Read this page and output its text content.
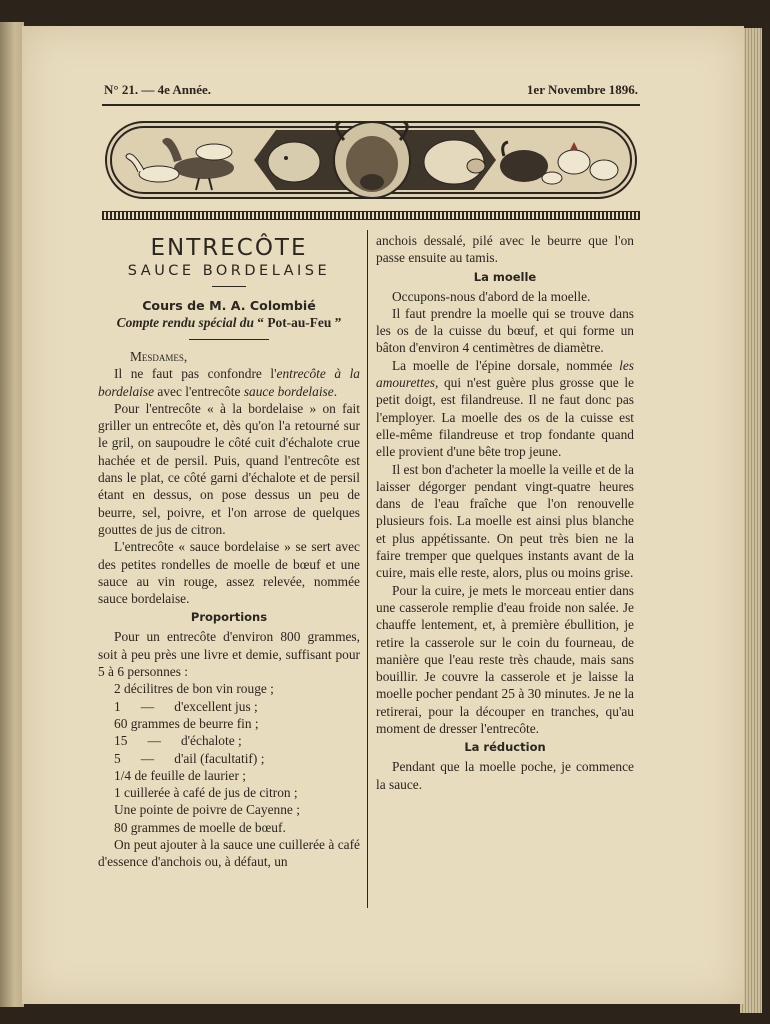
N° 21. — 4e Année.	1er Novembre 1896.
ENTRECÔTE
SAUCE BORDELAISE
Cours de M. A. Colombié
Compte rendu spécial du “ Pot-au-Feu ”

Mesdames,

Il ne faut pas confondre l'entrecôte à la bordelaise avec l'entrecôte sauce bordelaise.

Pour l'entrecôte « à la bordelaise » on fait griller un entrecôte et, dès qu'on l'a retourné sur le gril, on saupoudre le côté cuit d'échalote crue hachée et de persil. Puis, quand l'entrecôte est dans le plat, ce côté garni d'échalote et de persil étant en dessus, on pose dessus un peu de beurre, sel, poivre, et l'on arrose de quelques gouttes de jus de citron.

L'entrecôte « sauce bordelaise » se sert avec des petites rondelles de moelle de bœuf et une sauce au vin rouge, assez relevée, nommée sauce bordelaise.

Proportions

Pour un entrecôte d'environ 800 grammes, soit à peu près une livre et demie, suffisant pour 5 à 6 personnes :

2 décilitres de bon vin rouge ;
1      —      d'excellent jus ;
60 grammes de beurre fin ;
15      —      d'échalote ;
5      —      d'ail (facultatif) ;
1/4 de feuille de laurier ;
1 cuillerée à café de jus de citron ;
Une pointe de poivre de Cayenne ;
80 grammes de moelle de bœuf.

On peut ajouter à la sauce une cuillerée à café d'essence d'anchois ou, à défaut, un

anchois dessalé, pilé avec le beurre que l'on passe ensuite au tamis.

La moelle

Occupons-nous d'abord de la moelle.

Il faut prendre la moelle qui se trouve dans les os de la cuisse du bœuf, et qui forme un bâton d'environ 4 centimètres de diamètre.

La moelle de l'épine dorsale, nommée les amourettes, qui n'est guère plus grosse que le petit doigt, est filandreuse. Il ne faut donc pas l'employer. La moelle des os de la cuisse est elle-même filandreuse et trop fondante quand elle provient d'une bête trop jeune.

Il est bon d'acheter la moelle la veille et de la laisser dégorger pendant vingt-quatre heures dans de l'eau fraîche que l'on renouvelle plusieurs fois. La moelle est ainsi plus blanche et plus appétissante. On peut très bien ne la faire tremper que quelques instants avant de la cuire, mais elle reste, alors, plus ou moins grise.

Pour la cuire, je mets le morceau entier dans une casserole remplie d'eau froide non salée. Je chauffe lentement, et, à première ébullition, je retire la casserole sur le coin du fourneau, de manière que l'eau reste très chaude, mais sans bouillir. Je couvre la casserole et je laisse la moelle pocher pendant 25 à 30 minutes. Je ne la retirerai, pour la découper en tranches, qu'au moment de dresser l'entrecôte.

La réduction

Pendant que la moelle poche, je commence la sauce.
